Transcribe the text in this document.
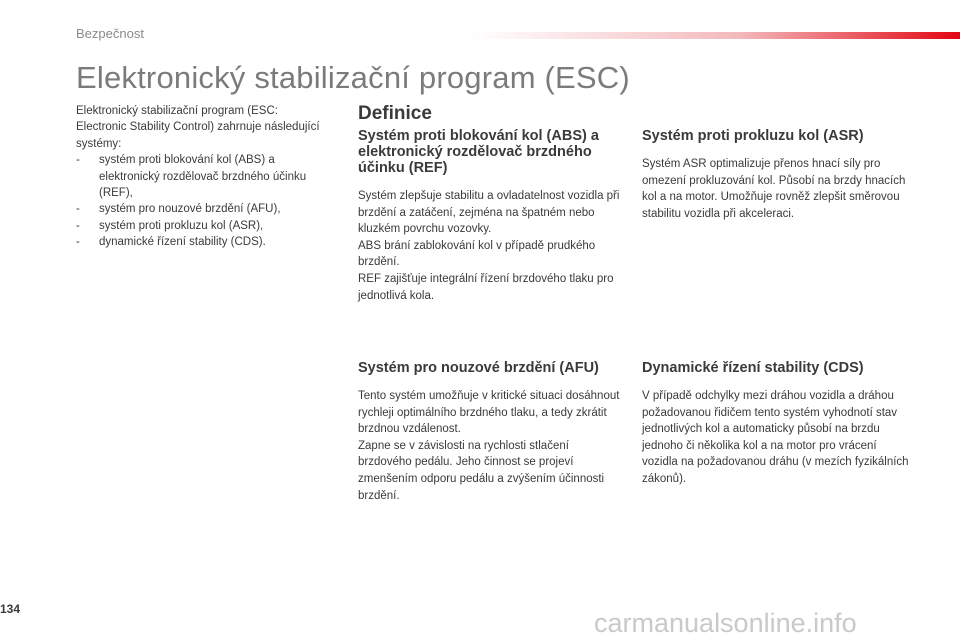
Bezpečnost
Elektronický stabilizační program (ESC)
Elektronický stabilizační program (ESC: Electronic Stability Control) zahrnuje následující systémy:
- systém proti blokování kol (ABS) a elektronický rozdělovač brzdného účinku (REF),
- systém pro nouzové brzdění (AFU),
- systém proti prokluzu kol (ASR),
- dynamické řízení stability (CDS).
Definice
Systém proti blokování kol (ABS) a elektronický rozdělovač brzdného účinku (REF)

Systém zlepšuje stabilitu a ovladatelnost vozidla při brzdění a zatáčení, zejména na špatném nebo kluzkém povrchu vozovky.

ABS brání zablokování kol v případě prudkého brzdění.

REF zajišťuje integrální řízení brzdového tlaku pro jednotlivá kola.

Systém proti prokluzu kol (ASR)

Systém ASR optimalizuje přenos hnací síly pro omezení prokluzování kol. Působí na brzdy hnacích kol a na motor. Umožňuje rovněž zlepšit směrovou stabilitu vozidla při akceleraci.

Systém pro nouzové brzdění (AFU)

Tento systém umožňuje v kritické situaci dosáhnout rychleji optimálního brzdného tlaku, a tedy zkrátit brzdnou vzdálenost.

Zapne se v závislosti na rychlosti stlačení brzdového pedálu. Jeho činnost se projeví zmenšením odporu pedálu a zvýšením účinnosti brzdění.

Dynamické řízení stability (CDS)

V případě odchylky mezi dráhou vozidla a dráhou požadovanou řidičem tento systém vyhodnotí stav jednotlivých kol a automaticky působí na brzdu jednoho či několika kol a na motor pro vrácení vozidla na požadovanou dráhu (v mezích fyzikálních zákonů).

134	carmanualsonline.info
